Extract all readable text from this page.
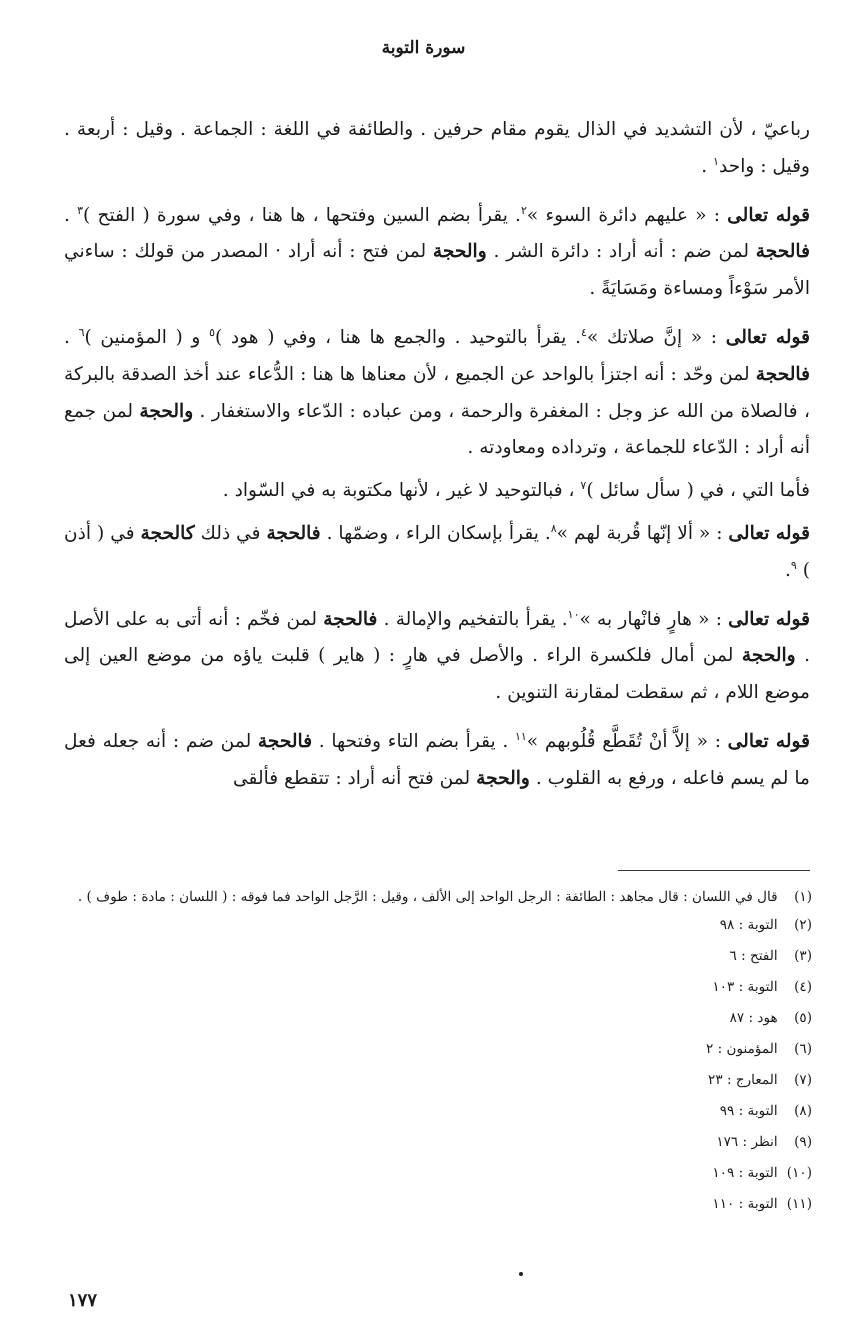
سورة التوبة

رباعيّ ، لأن التشديد في الذال يقوم مقام حرفين . والطائفة في اللغة : الجماعة . وقيل : أربعة . وقيل : واحد$^١$ .

قوله تعالى : « عليهم دائرة السوء »$^٢$. يقرأ بضم السين وفتحها ، ها هنا ، وفي سورة ( الفتح )$^٣$ . فالحجة لمن ضم : أنه أراد : دائرة الشر . والحجة لمن فتح : أنه أراد · المصدر من قولك : ساءني الأمر سَوْءاً ومساءة ومَسَايَةً .

قوله تعالى : « إنَّ صلاتك »$^٤$. يقرأ بالتوحيد . والجمع ها هنا ، وفي ( هود )$^٥$ و ( المؤمنين )$^٦$ . فالحجة لمن وحّد : أنه اجتزأ بالواحد عن الجميع ، لأن معناها ها هنا : الدُّعاء عند أخذ الصدقة بالبركة ، فالصلاة من الله عز وجل : المغفرة والرحمة ، ومن عباده : الدّعاء والاستغفار . والحجة لمن جمع أنه أراد : الدّعاء للجماعة ، وترداده ومعاودته .

فأما التي ، في ( سأل سائل )$^٧$ ، فبالتوحيد لا غير ، لأنها مكتوبة به في السّواد .

قوله تعالى : « ألا إنّها قُربة لهم »$^٨$. يقرأ بإسكان الراء ، وضمّها . فالحجة في ذلك كالحجة في ( أذن ) $^٩$.

قوله تعالى : « هارٍ فانْهار به »$^{١٠}$. يقرأ بالتفخيم والإمالة . فالحجة لمن فخّم : أنه أتى به على الأصل . والحجة لمن أمال فلكسرة الراء . والأصل في هارٍ : ( هاير ) قلبت ياؤه من موضع العين إلى موضع اللام ، ثم سقطت لمقارنة التنوين .

قوله تعالى : « إلاَّ أنْ تُقَطَّع قُلُوبهم »$^{١١}$ . يقرأ بضم التاء وفتحها . فالحجة لمن ضم : أنه جعله فعل ما لم يسم فاعله ، ورفع به القلوب . والحجة لمن فتح أنه أراد : تتقطع فألقى

(١) قال في اللسان : قال مجاهد : الطائفة : الرجل الواحد إلى الألف ، وقيل : الرَّجل الواحد فما فوقه : ( اللسان : مادة : طوف ) .
(٢) التوبة : ٩٨
(٣) الفتح : ٦
(٤) التوبة : ١٠٣
(٥) هود : ٨٧
(٦) المؤمنون : ٢
(٧) المعارج : ٢٣
(٨) التوبة : ٩٩
(٩) انظر : ١٧٦
(١٠) التوبة : ١٠٩
(١١) التوبة : ١١٠
١٧٧
